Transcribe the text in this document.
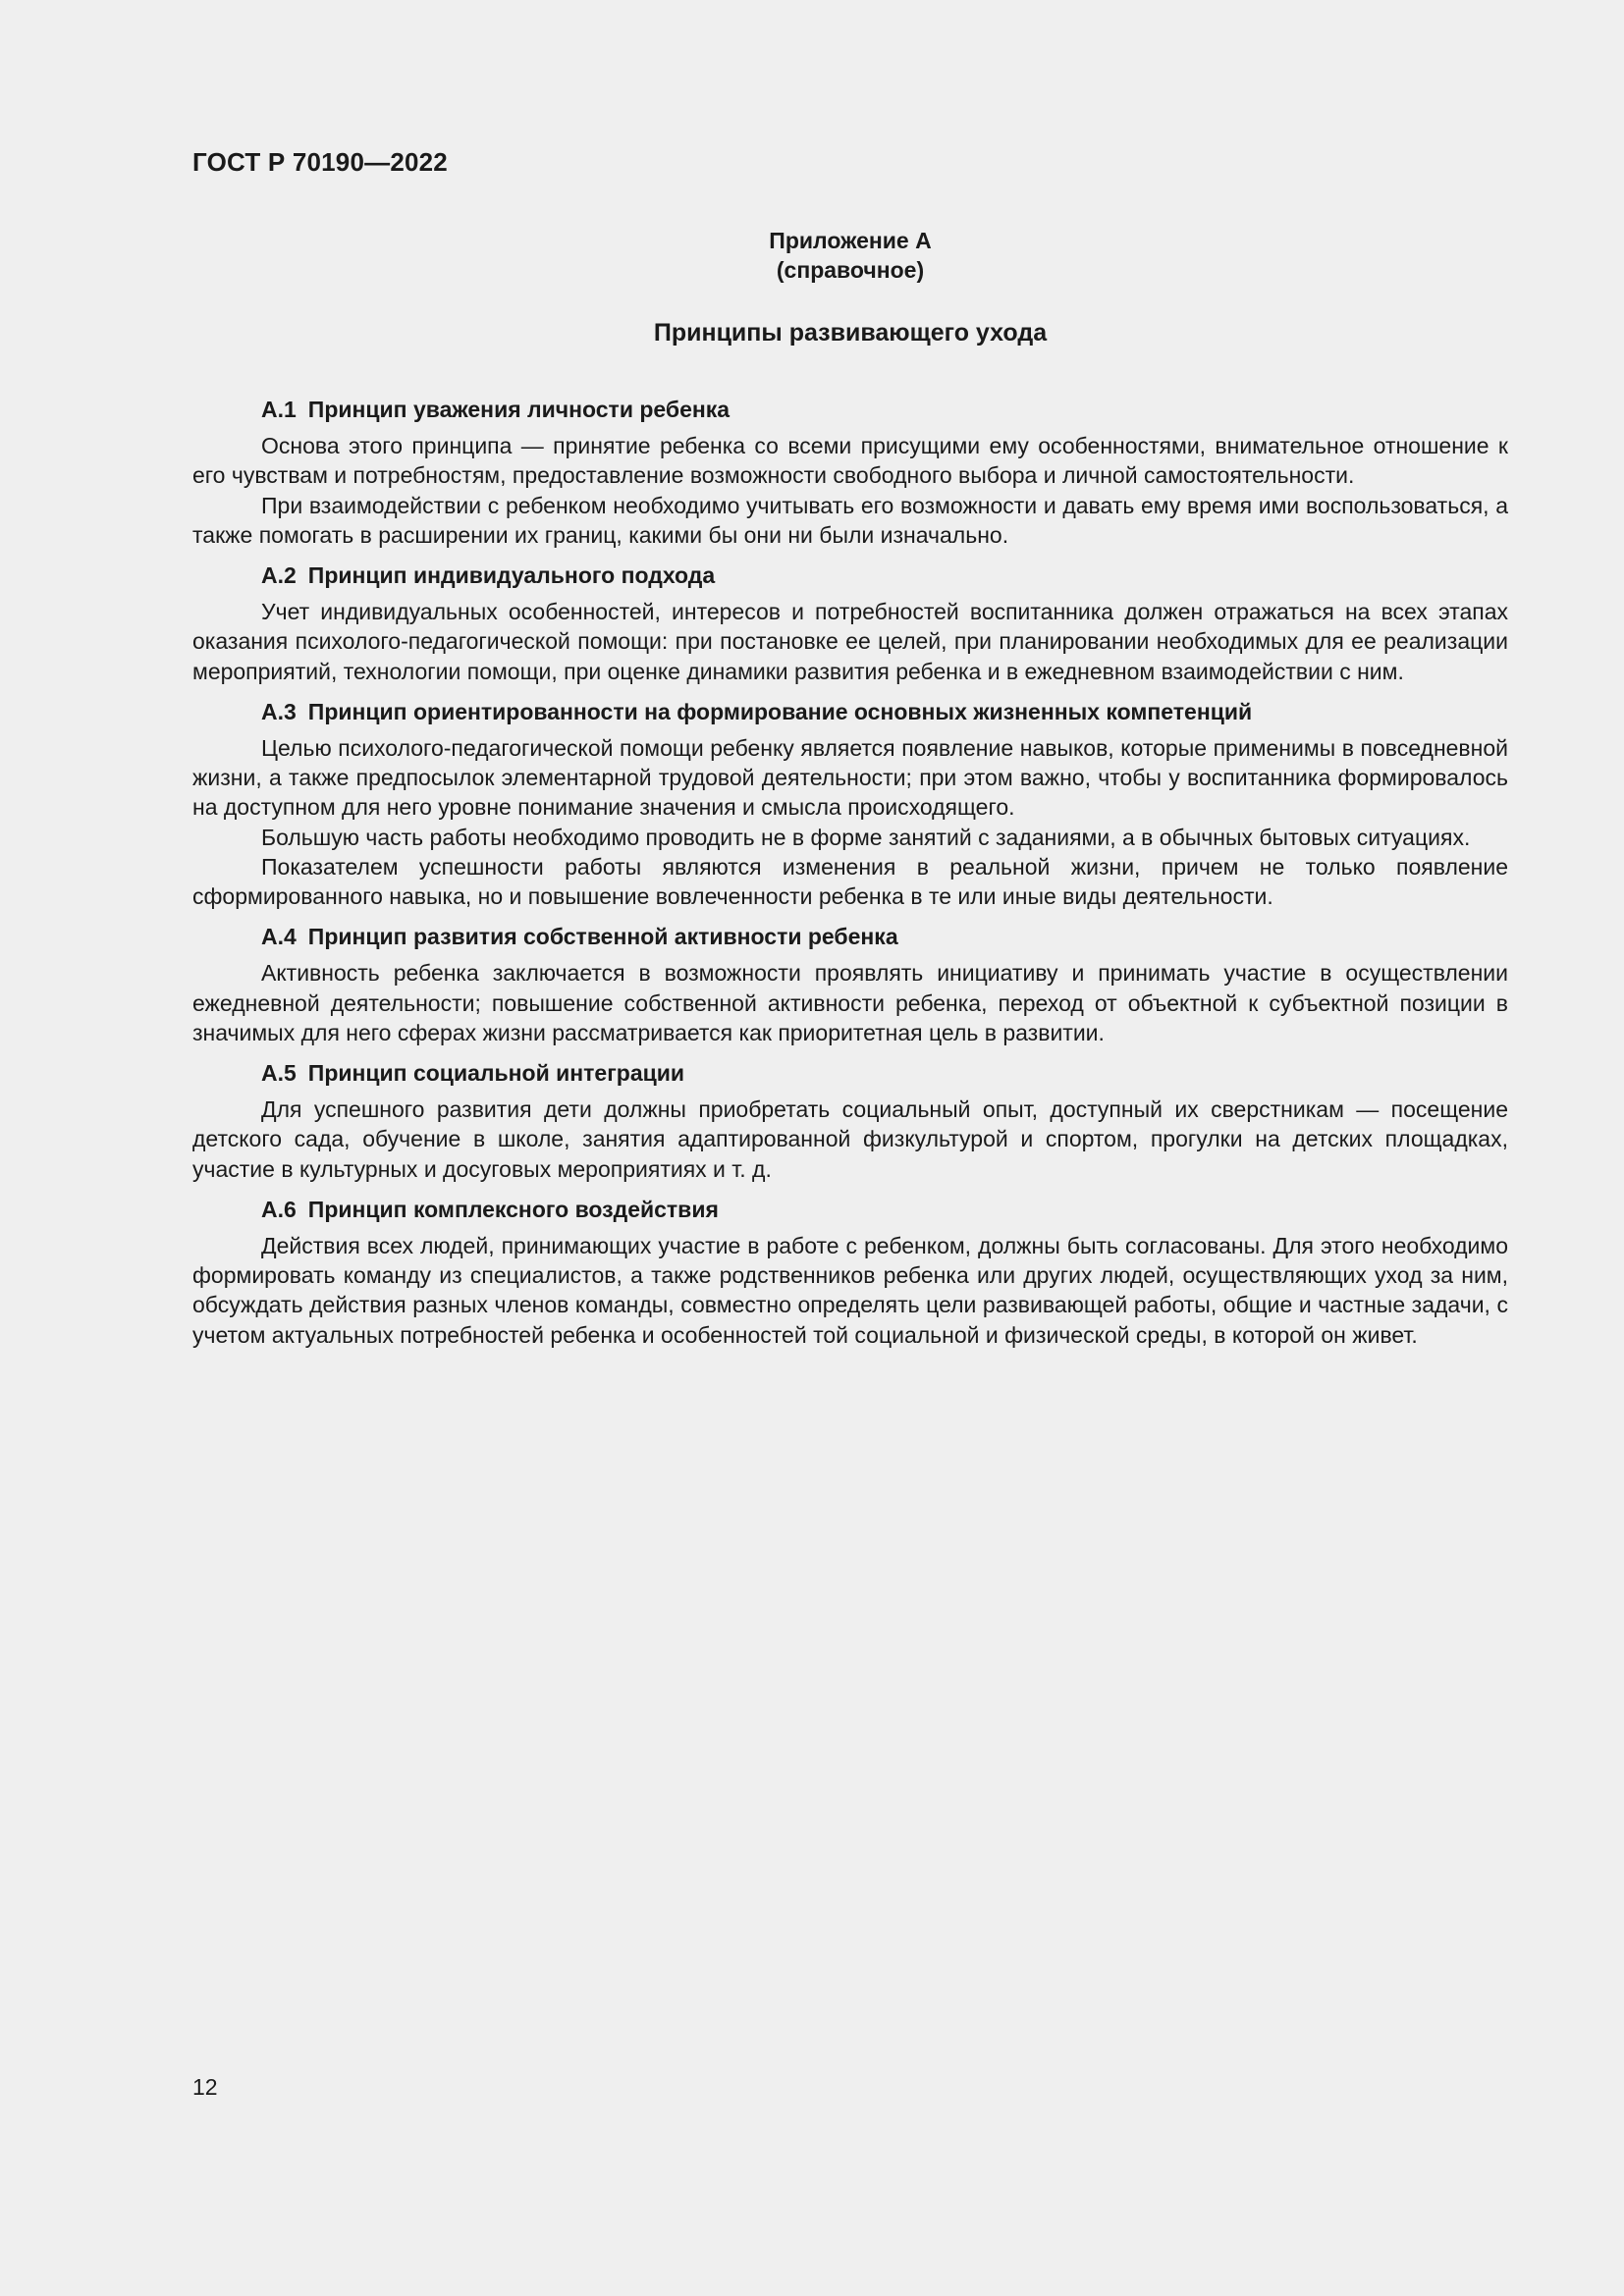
ГОСТ Р 70190—2022
Приложение А
(справочное)
Принципы развивающего ухода

А.1 Принцип уважения личности ребенка

Основа этого принципа — принятие ребенка со всеми присущими ему особенностями, внимательное отношение к его чувствам и потребностям, предоставление возможности свободного выбора и личной самостоятельности.

При взаимодействии с ребенком необходимо учитывать его возможности и давать ему время ими воспользоваться, а также помогать в расширении их границ, какими бы они ни были изначально.

А.2 Принцип индивидуального подхода

Учет индивидуальных особенностей, интересов и потребностей воспитанника должен отражаться на всех этапах оказания психолого-педагогической помощи: при постановке ее целей, при планировании необходимых для ее реализации мероприятий, технологии помощи, при оценке динамики развития ребенка и в ежедневном взаимодействии с ним.

А.3 Принцип ориентированности на формирование основных жизненных компетенций

Целью психолого-педагогической помощи ребенку является появление навыков, которые применимы в повседневной жизни, а также предпосылок элементарной трудовой деятельности; при этом важно, чтобы у воспитанника формировалось на доступном для него уровне понимание значения и смысла происходящего.

Большую часть работы необходимо проводить не в форме занятий с заданиями, а в обычных бытовых ситуациях.

Показателем успешности работы являются изменения в реальной жизни, причем не только появление сформированного навыка, но и повышение вовлеченности ребенка в те или иные виды деятельности.

А.4 Принцип развития собственной активности ребенка

Активность ребенка заключается в возможности проявлять инициативу и принимать участие в осуществлении ежедневной деятельности; повышение собственной активности ребенка, переход от объектной к субъектной позиции в значимых для него сферах жизни рассматривается как приоритетная цель в развитии.

А.5 Принцип социальной интеграции

Для успешного развития дети должны приобретать социальный опыт, доступный их сверстникам — посещение детского сада, обучение в школе, занятия адаптированной физкультурой и спортом, прогулки на детских площадках, участие в культурных и досуговых мероприятиях и т. д.

А.6 Принцип комплексного воздействия

Действия всех людей, принимающих участие в работе с ребенком, должны быть согласованы. Для этого необходимо формировать команду из специалистов, а также родственников ребенка или других людей, осуществляющих уход за ним, обсуждать действия разных членов команды, совместно определять цели развивающей работы, общие и частные задачи, с учетом актуальных потребностей ребенка и особенностей той социальной и физической среды, в которой он живет.

12
